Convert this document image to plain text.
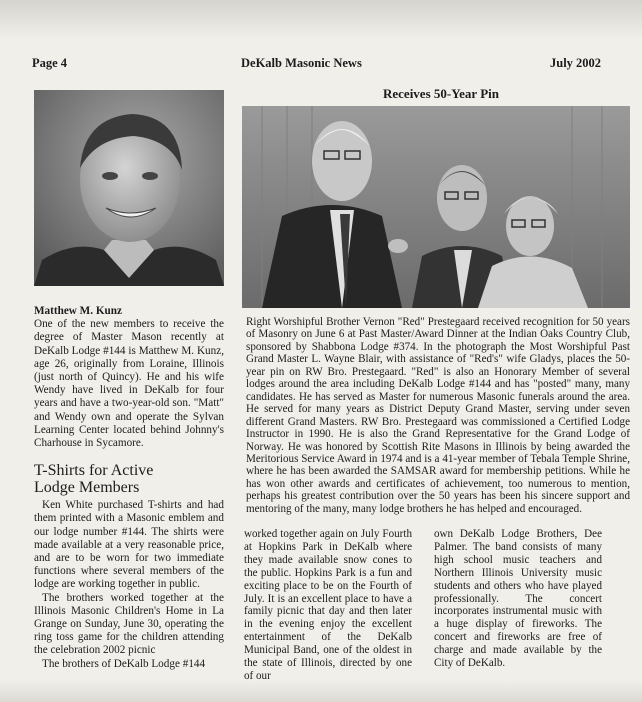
Page 4	DeKalb Masonic News	July 2002
Receives 50-Year Pin

Matthew M. Kunz

One of the new members to receive the degree of Master Mason recently at DeKalb Lodge #144 is Matthew M. Kunz, age 26, originally from Loraine, Illinois (just north of Quincy). He and his wife Wendy have lived in DeKalb for four years and have a two-year-old son. "Matt" and Wendy own and operate the Sylvan Learning Center located behind Johnny's Charhouse in Sycamore.

T-Shirts for Active
Lodge Members

Ken White purchased T-shirts and had them printed with a Masonic emblem and our lodge number #144. The shirts were made available at a very reasonable price, and are to be worn for two immediate functions where several members of the lodge are working together in public.

The brothers worked together at the Illinois Masonic Children's Home in La Grange on Sunday, June 30, operating the ring toss game for the children attending the celebration 2002 picnic

The brothers of DeKalb Lodge #144

Right Worshipful Brother Vernon "Red" Prestegaard received recognition for 50 years of Masonry on June 6 at Past Master/Award Dinner at the Indian Oaks Country Club, sponsored by Shabbona Lodge #374. In the photograph the Most Worshipful Past Grand Master L. Wayne Blair, with assistance of "Red's" wife Gladys, places the 50-year pin on RW Bro. Prestegaard. "Red" is also an Honorary Member of several lodges around the area including DeKalb Lodge #144 and has "posted" many, many candidates. He has served as Master for numerous Masonic funerals around the area. He served for many years as District Deputy Grand Master, serving under seven different Grand Masters. RW Bro. Prestegaard was commissioned a Certified Lodge Instructor in 1990. He is also the Grand Representative for the Grand Lodge of Norway. He was honored by Scottish Rite Masons in Illinois by being awarded the Meritorious Service Award in 1974 and is a 41-year member of Tebala Temple Shrine, where he has been awarded the SAMSAR award for membership petitions. While he has won other awards and certificates of achievement, too numerous to mention, perhaps his greatest contribution over the 50 years has been his sincere support and mentoring of the many, many lodge brothers he has helped and encouraged.

worked together again on July Fourth at Hopkins Park in DeKalb where they made available snow cones to the public. Hopkins Park is a fun and exciting place to be on the Fourth of July. It is an excellent place to have a family picnic that day and then later in the evening enjoy the excellent entertainment of the DeKalb Municipal Band, one of the oldest in the state of Illinois, directed by one of our

own DeKalb Lodge Brothers, Dee Palmer. The band consists of many high school music teachers and Northern Illinois University music students and others who have played professionally. The concert incorporates instrumental music with a huge display of fireworks. The concert and fireworks are free of charge and made available by the City of DeKalb.
